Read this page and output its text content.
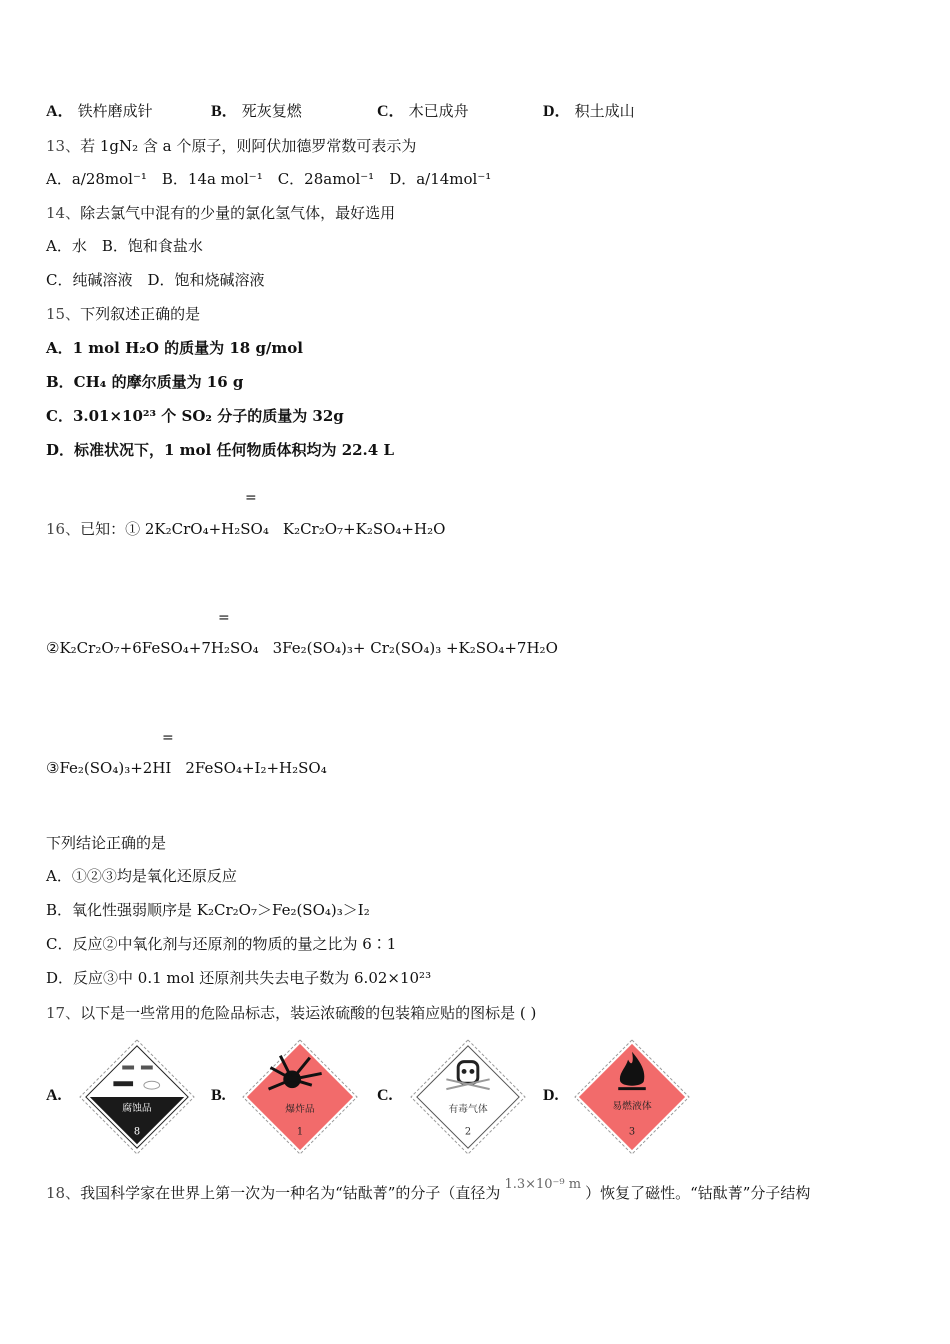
A． 铁杵磨成针	B． 死灰复燃	C． 木已成舟	D． 积土成山
13、若 1gN₂ 含 a 个原子，则阿伏加德罗常数可表示为
A．a/28mol⁻¹　B．14a mol⁻¹　C．28amol⁻¹　D．a/14mol⁻¹
14、除去氯气中混有的少量的氯化氢气体，最好选用
A．水　B．饱和食盐水
C．纯碱溶液　D．饱和烧碱溶液
15、下列叙述正确的是
A．1 mol H₂O 的质量为 18 g/mol
B．CH₄ 的摩尔质量为 16 g
C．3.01×10²³ 个 SO₂ 分子的质量为 32g
D．标准状况下，1 mol 任何物质体积均为 22.4 L
=
16、已知：① 2K₂CrO₄+H₂SO₄ K₂Cr₂O₇+K₂SO₄+H₂O
=
②K₂Cr₂O₇+6FeSO₄+7H₂SO₄ 3Fe₂(SO₄)₃+ Cr₂(SO₄)₃ +K₂SO₄+7H₂O
=
③Fe₂(SO₄)₃+2HI 2FeSO₄+I₂+H₂SO₄
下列结论正确的是
A．①②③均是氧化还原反应
B．氧化性强弱顺序是 K₂Cr₂O₇＞Fe₂(SO₄)₃＞I₂
C．反应②中氧化剂与还原剂的物质的量之比为 6∶1
D．反应③中 0.1 mol 还原剂共失去电子数为 6.02×10²³
17、以下是一些常用的危险品标志，装运浓硫酸的包装箱应贴的图标是 ( )
A.
腐蚀品
8
B.
爆炸品
1
C.
有毒气体
2
D.
易燃液体
3
18、我国科学家在世界上第一次为一种名为“钴酞菁”的分子（直径为 1.3×10⁻⁹ m ）恢复了磁性。“钴酞菁”分子结构
